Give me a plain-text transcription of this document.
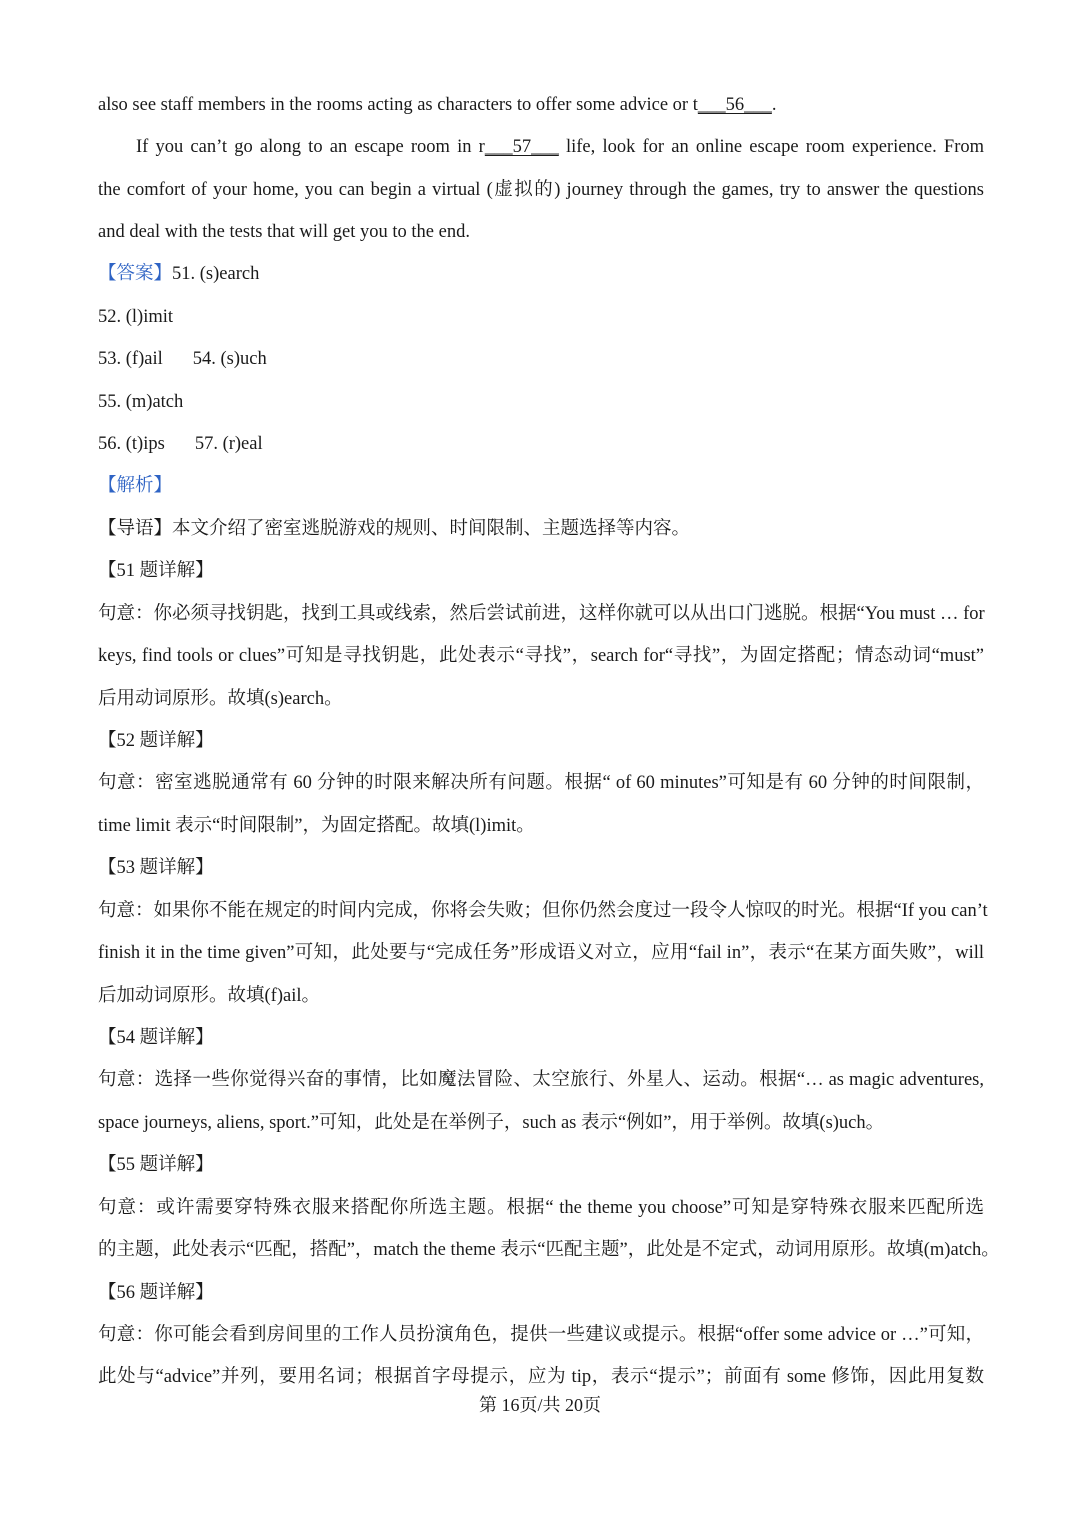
also see staff members in the rooms acting as characters to offer some advice or t___56___.
If you can’t go along to an escape room in r___57___ life, look for an online escape room experience. From
the comfort of your home, you can begin a virtual (虚拟的) journey through the games, try to answer the questions
and deal with the tests that will get you to the end.
【答案】51. (s)earch
52. (l)imit
53. (f)ail 54. (s)uch
55. (m)atch
56. (t)ips 57. (r)eal
【解析】
【导语】本文介绍了密室逃脱游戏的规则、时间限制、主题选择等内容。
【51 题详解】
句意：你必须寻找钥匙，找到工具或线索，然后尝试前进，这样你就可以从出口门逃脱。根据“You must … for
keys, find tools or clues”可知是寻找钥匙，此处表示“寻找”，search for“寻找”，为固定搭配；情态动词“must”
后用动词原形。故填(s)earch。
【52 题详解】
句意：密室逃脱通常有 60 分钟的时限来解决所有问题。根据“ of 60 minutes”可知是有 60 分钟的时间限制，
time limit 表示“时间限制”，为固定搭配。故填(l)imit。
【53 题详解】
句意：如果你不能在规定的时间内完成，你将会失败；但你仍然会度过一段令人惊叹的时光。根据“If you can’t
finish it in the time given”可知，此处要与“完成任务”形成语义对立，应用“fail in”，表示“在某方面失败”，will
后加动词原形。故填(f)ail。
【54 题详解】
句意：选择一些你觉得兴奋的事情，比如魔法冒险、太空旅行、外星人、运动。根据“… as magic adventures,
space journeys, aliens, sport.”可知，此处是在举例子，such as 表示“例如”，用于举例。故填(s)uch。
【55 题详解】
句意：或许需要穿特殊衣服来搭配你所选主题。根据“ the theme you choose”可知是穿特殊衣服来匹配所选
的主题，此处表示“匹配，搭配”，match the theme 表示“匹配主题”，此处是不定式，动词用原形。故填(m)atch。
【56 题详解】
句意：你可能会看到房间里的工作人员扮演角色，提供一些建议或提示。根据“offer some advice or …”可知，
此处与“advice”并列，要用名词；根据首字母提示，应为 tip，表示“提示”；前面有 some 修饰，因此用复数
第 16页/共 20页
